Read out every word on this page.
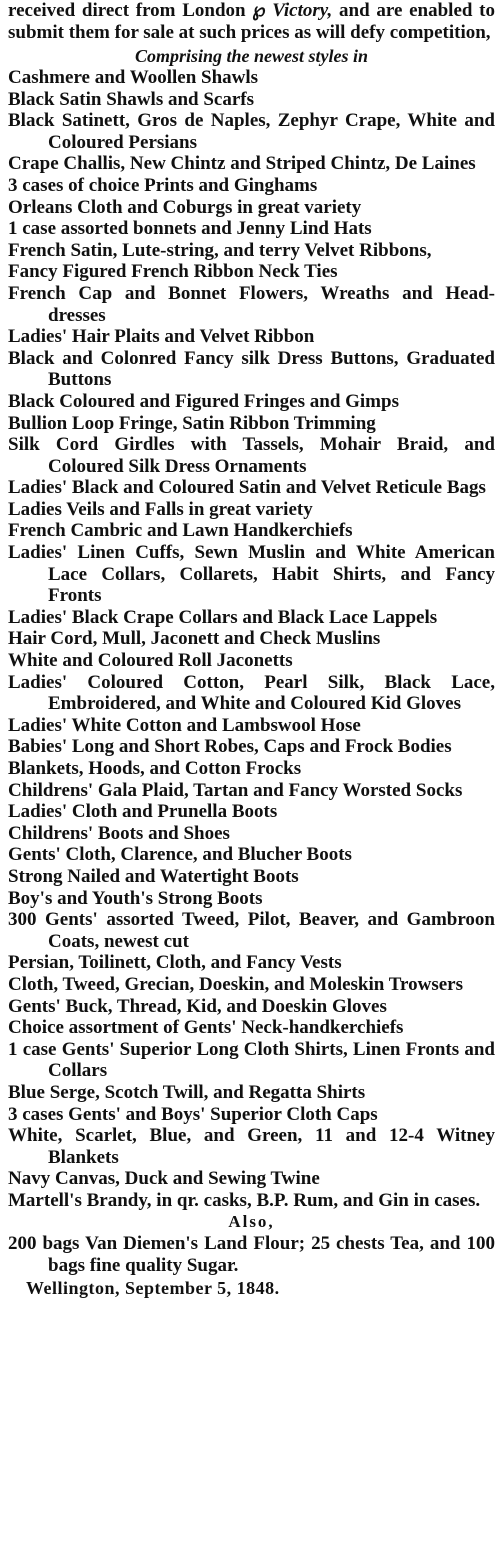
received direct from London ℘ Victory, and are enabled to submit them for sale at such prices as will defy competition,

Comprising the newest styles in

Cashmere and Woollen Shawls
Black Satin Shawls and Scarfs
Black Satinett, Gros de Naples, Zephyr Crape, White and Coloured Persians
Crape Challis, New Chintz and Striped Chintz, De Laines
3 cases of choice Prints and Ginghams
Orleans Cloth and Coburgs in great variety
1 case assorted bonnets and Jenny Lind Hats
French Satin, Lute-string, and terry Velvet Ribbons,
Fancy Figured French Ribbon Neck Ties
French Cap and Bonnet Flowers, Wreaths and Head-dresses
Ladies' Hair Plaits and Velvet Ribbon
Black and Colonred Fancy silk Dress Buttons, Graduated Buttons
Black Coloured and Figured Fringes and Gimps
Bullion Loop Fringe, Satin Ribbon Trimming
Silk Cord Girdles with Tassels, Mohair Braid, and Coloured Silk Dress Ornaments
Ladies' Black and Coloured Satin and Velvet Reticule Bags
Ladies Veils and Falls in great variety
French Cambric and Lawn Handkerchiefs
Ladies' Linen Cuffs, Sewn Muslin and White American Lace Collars, Collarets, Habit Shirts, and Fancy Fronts
Ladies' Black Crape Collars and Black Lace Lappels
Hair Cord, Mull, Jaconett and Check Muslins
White and Coloured Roll Jaconetts
Ladies' Coloured Cotton, Pearl Silk, Black Lace, Embroidered, and White and Coloured Kid Gloves
Ladies' White Cotton and Lambswool Hose
Babies' Long and Short Robes, Caps and Frock Bodies
Blankets, Hoods, and Cotton Frocks
Childrens' Gala Plaid, Tartan and Fancy Worsted Socks
Ladies' Cloth and Prunella Boots
Childrens' Boots and Shoes
Gents' Cloth, Clarence, and Blucher Boots
Strong Nailed and Watertight Boots
Boy's and Youth's Strong Boots
300 Gents' assorted Tweed, Pilot, Beaver, and Gambroon Coats, newest cut
Persian, Toilinett, Cloth, and Fancy Vests
Cloth, Tweed, Grecian, Doeskin, and Moleskin Trowsers
Gents' Buck, Thread, Kid, and Doeskin Gloves
Choice assortment of Gents' Neck-handkerchiefs
1 case Gents' Superior Long Cloth Shirts, Linen Fronts and Collars
Blue Serge, Scotch Twill, and Regatta Shirts
3 cases Gents' and Boys' Superior Cloth Caps
White, Scarlet, Blue, and Green, 11 and 12-4 Witney Blankets
Navy Canvas, Duck and Sewing Twine
Martell's Brandy, in qr. casks, B.P. Rum, and Gin in cases.

Also,

200 bags Van Diemen's Land Flour; 25 chests Tea, and 100 bags fine quality Sugar.

Wellington, September 5, 1848.
